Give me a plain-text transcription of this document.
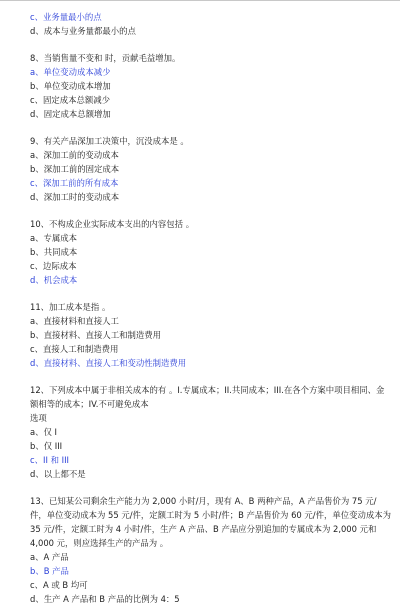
c、业务量最小的点
d、成本与业务量都最小的点
8、当销售量不变和 时，贡献毛益增加。
a、单位变动成本减少
b、单位变动成本增加
c、固定成本总额减少
d、固定成本总额增加
9、有关产品深加工决策中，沉没成本是 。
a、深加工前的变动成本
b、深加工前的固定成本
c、深加工前的所有成本
d、深加工时的变动成本
10、不构成企业实际成本支出的内容包括 。
a、专属成本
b、共同成本
c、边际成本
d、机会成本
11、加工成本是指 。
a、直接材料和直接人工
b、直接材料、直接人工和制造费用
c、直接人工和制造费用
d、直接材料、直接人工和变动性制造费用
12、下列成本中属于非相关成本的有 。I.专属成本；II.共同成本；III.在各个方案中项目相同、金额相等的成本；IV.不可避免成本
选项
a、仅 I
b、仅 III
c、II 和 III
d、以上都不是
13、已知某公司剩余生产能力为 2,000 小时/月，现有 A、B 两种产品，A 产品售价为 75 元/件，单位变动成本为 55 元/件，定额工时为 5 小时/件；B 产品售价为 60 元/件，单位变动成本为 35 元/件，定额工时为 4 小时/件，生产 A 产品、B 产品应分别追加的专属成本为 2,000 元和 4,000 元，则应选择生产的产品为 。
a、A 产品
b、B 产品
c、A 或 B 均可
d、生产 A 产品和 B 产品的比例为 4：5
